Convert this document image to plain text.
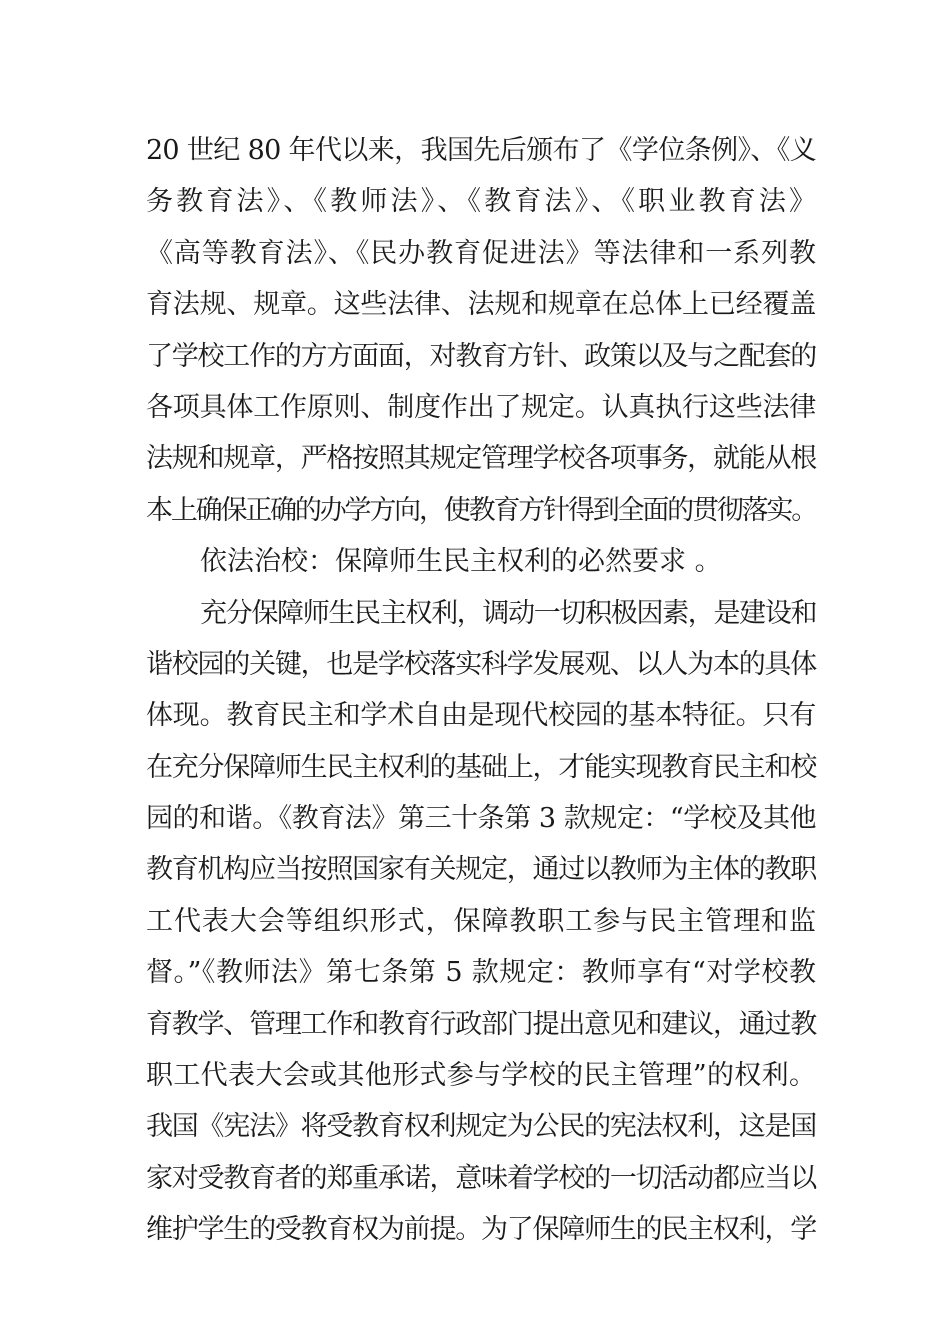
20 世纪 80 年代以来，我国先后颁布了《学位条例》、《义
务教育法》、《教师法》、《教育法》、《职业教育法》
《高等教育法》、《民办教育促进法》等法律和一系列教
育法规、规章。这些法律、法规和规章在总体上已经覆盖
了学校工作的方方面面，对教育方针、政策以及与之配套的
各项具体工作原则、制度作出了规定。认真执行这些法律
法规和规章，严格按照其规定管理学校各项事务，就能从根
本上确保正确的办学方向，使教育方针得到全面的贯彻落实。
依法治校：保障师生民主权利的必然要求 。
充分保障师生民主权利，调动一切积极因素，是建设和
谐校园的关键，也是学校落实科学发展观、以人为本的具体
体现。教育民主和学术自由是现代校园的基本特征。只有
在充分保障师生民主权利的基础上，才能实现教育民主和校
园的和谐。《教育法》第三十条第 3 款规定：“学校及其他
教育机构应当按照国家有关规定，通过以教师为主体的教职
工代表大会等组织形式，保障教职工参与民主管理和监
督。”《教师法》第七条第 5 款规定：教师享有“对学校教
育教学、管理工作和教育行政部门提出意见和建议，通过教
职工代表大会或其他形式参与学校的民主管理”的权利。
我国《宪法》将受教育权利规定为公民的宪法权利，这是国
家对受教育者的郑重承诺，意味着学校的一切活动都应当以
维护学生的受教育权为前提。为了保障师生的民主权利，学
